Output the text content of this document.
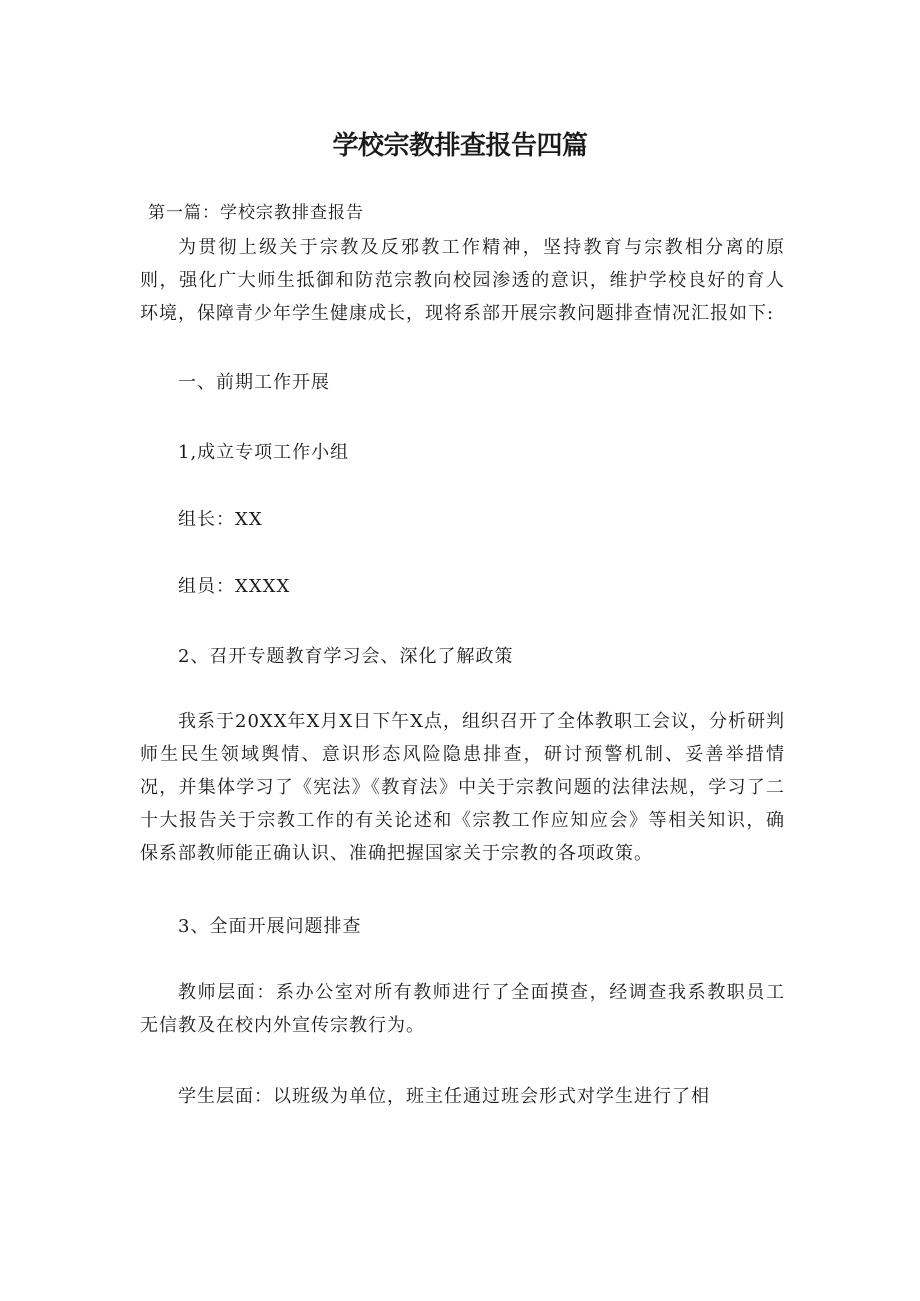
学校宗教排查报告四篇
第一篇：学校宗教排查报告
为贯彻上级关于宗教及反邪教工作精神，坚持教育与宗教相分离的原则，强化广大师生抵御和防范宗教向校园渗透的意识，维护学校良好的育人环境，保障青少年学生健康成长，现将系部开展宗教问题排查情况汇报如下:
一、前期工作开展
1,成立专项工作小组
组长：XX
组员：XXXX
2、召开专题教育学习会、深化了解政策
我系于20XX年X月X日下午X点，组织召开了全体教职工会议，分析研判师生民生领域舆情、意识形态风险隐患排查，研讨预警机制、妥善举措情况，并集体学习了《宪法》《教育法》中关于宗教问题的法律法规，学习了二十大报告关于宗教工作的有关论述和《宗教工作应知应会》等相关知识，确保系部教师能正确认识、准确把握国家关于宗教的各项政策。
3、全面开展问题排查
教师层面：系办公室对所有教师进行了全面摸查，经调查我系教职员工无信教及在校内外宣传宗教行为。
学生层面：以班级为单位，班主任通过班会形式对学生进行了相
